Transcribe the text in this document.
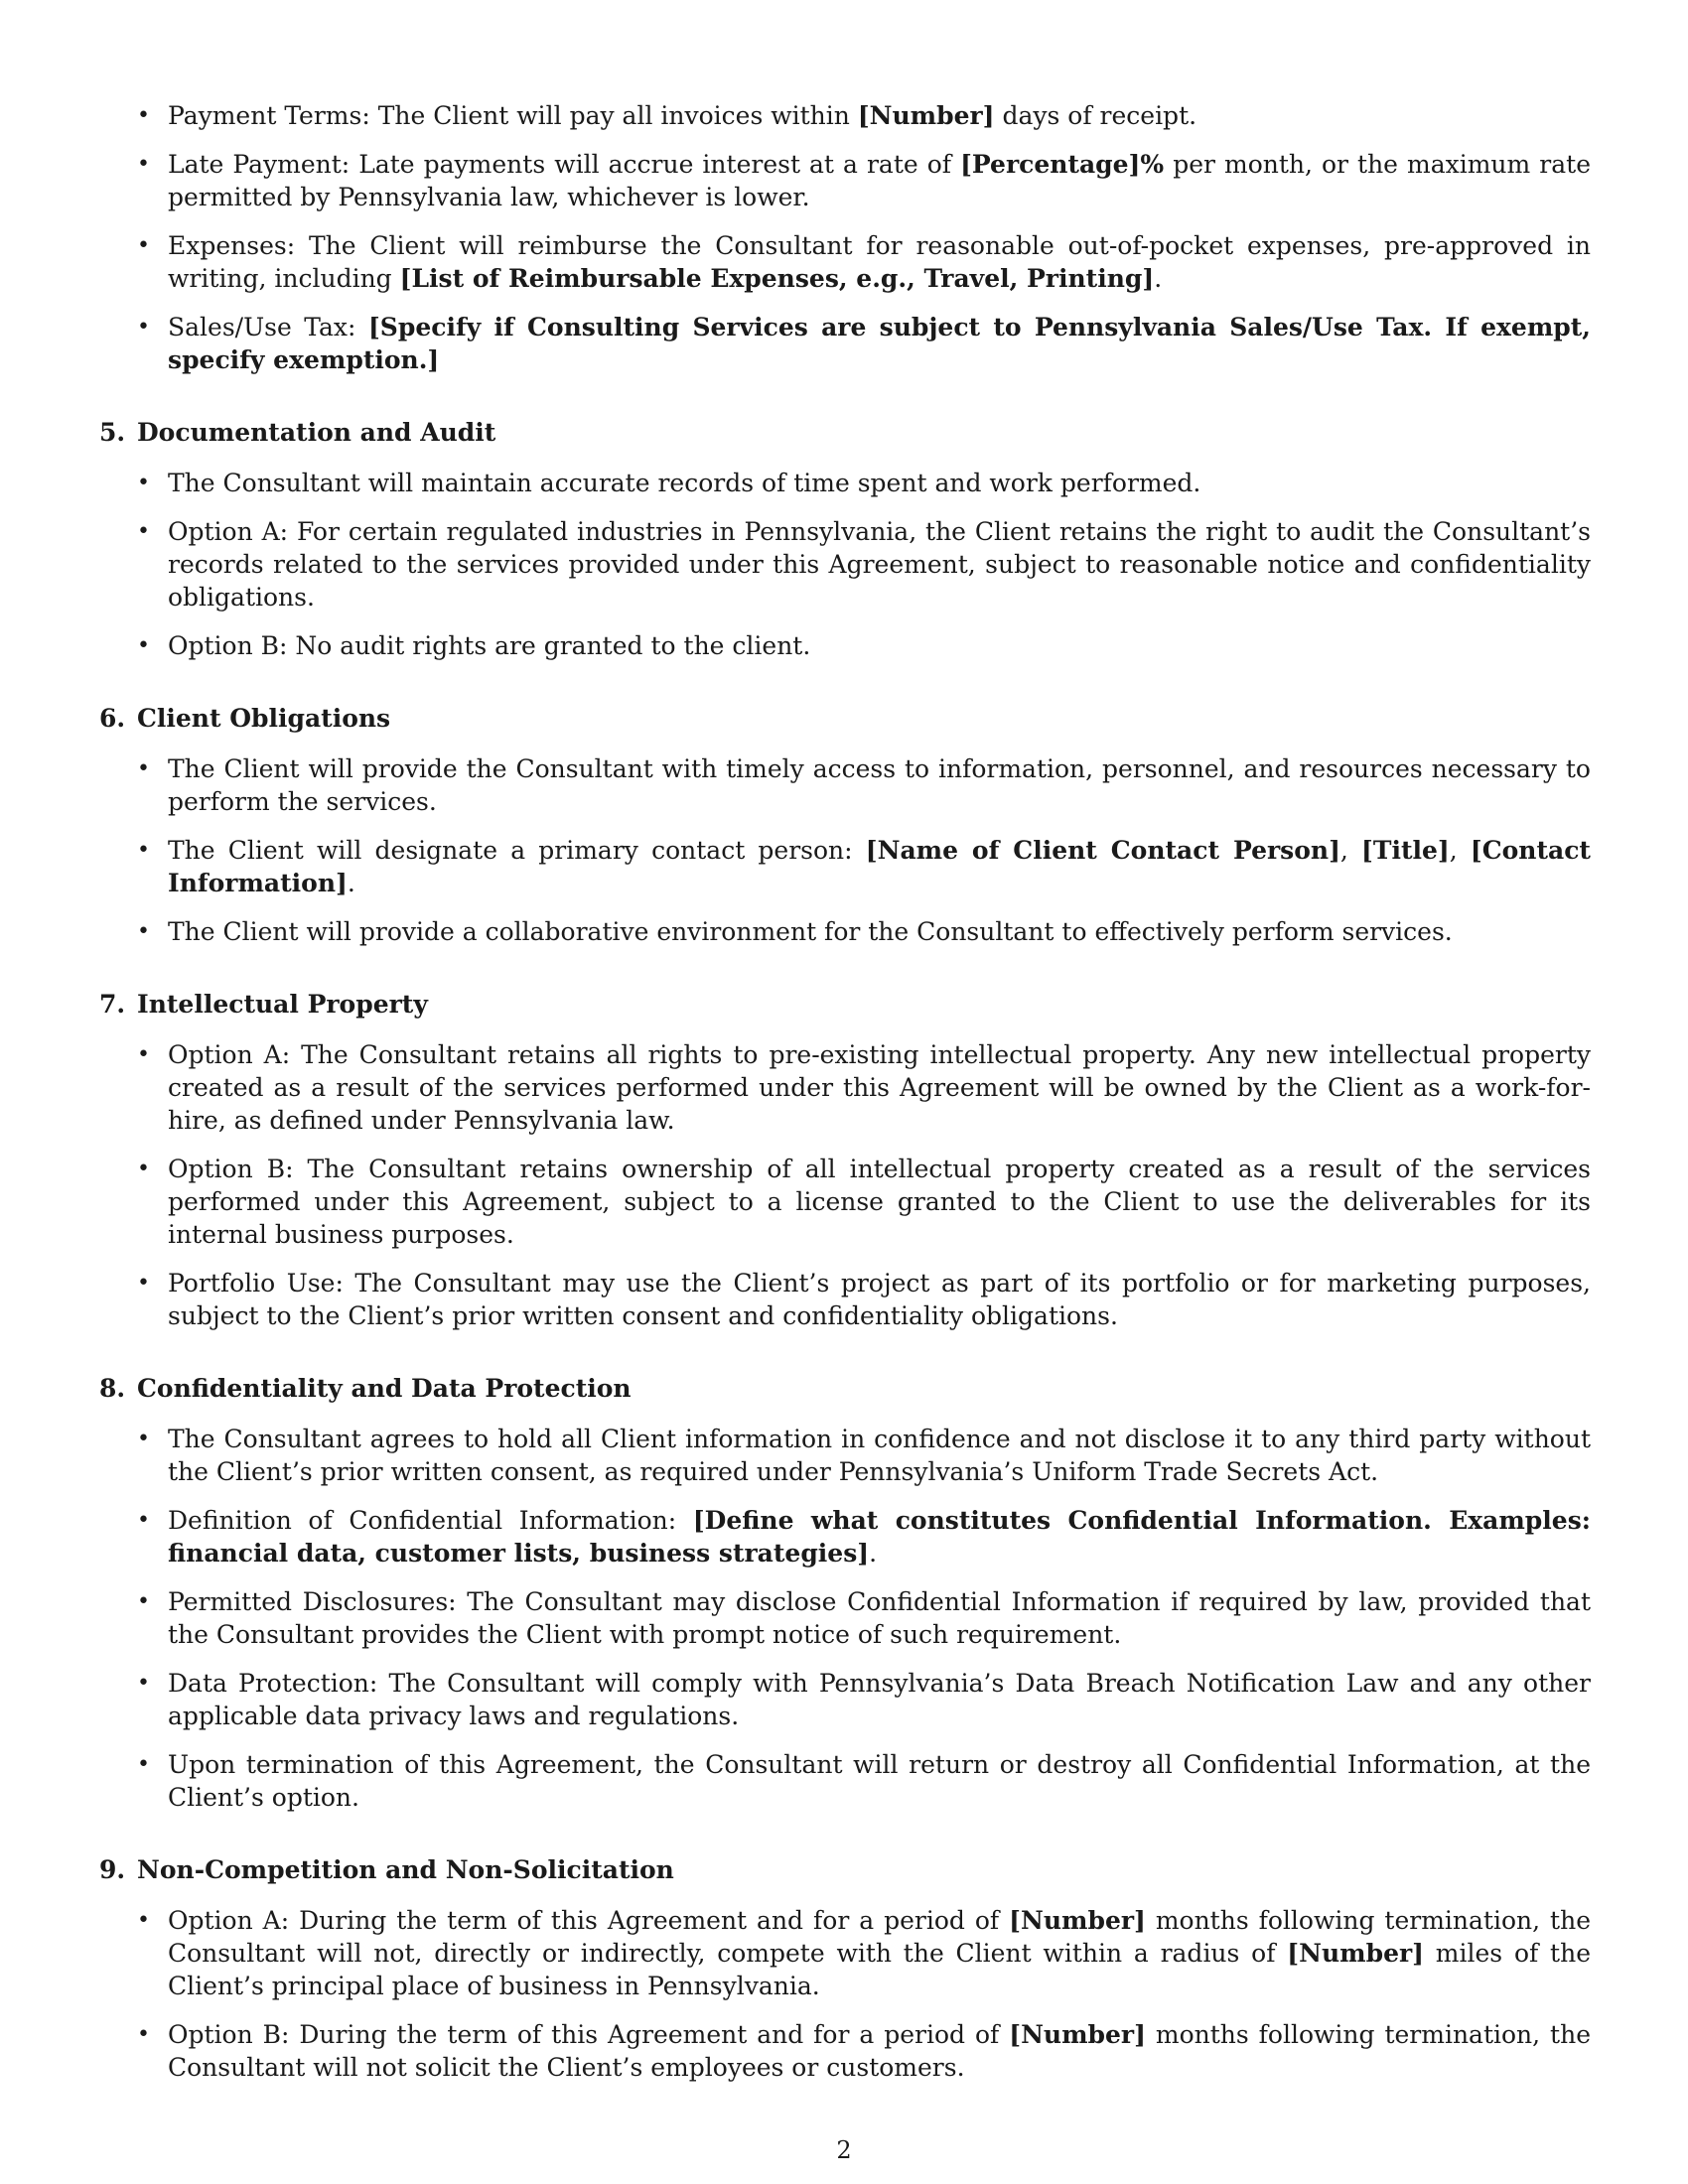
• Payment Terms: The Client will pay all invoices within [Number] days of receipt.
• Late Payment: Late payments will accrue interest at a rate of [Percentage]% per month, or the maximum rate permitted by Pennsylvania law, whichever is lower.
• Expenses: The Client will reimburse the Consultant for reasonable out-of-pocket expenses, pre-approved in writing, including [List of Reimbursable Expenses, e.g., Travel, Printing].
• Sales/Use Tax: [Specify if Consulting Services are subject to Pennsylvania Sales/Use Tax. If exempt, specify exemption.]
5. Documentation and Audit
• The Consultant will maintain accurate records of time spent and work performed.
• Option A: For certain regulated industries in Pennsylvania, the Client retains the right to audit the Consultant’s records related to the services provided under this Agreement, subject to reasonable notice and confidentiality obligations.
• Option B: No audit rights are granted to the client.
6. Client Obligations
• The Client will provide the Consultant with timely access to information, personnel, and resources necessary to perform the services.
• The Client will designate a primary contact person: [Name of Client Contact Person], [Title], [Contact Information].
• The Client will provide a collaborative environment for the Consultant to effectively perform services.
7. Intellectual Property
• Option A: The Consultant retains all rights to pre-existing intellectual property. Any new intellectual property created as a result of the services performed under this Agreement will be owned by the Client as a work-for-hire, as defined under Pennsylvania law.
• Option B: The Consultant retains ownership of all intellectual property created as a result of the services performed under this Agreement, subject to a license granted to the Client to use the deliverables for its internal business purposes.
• Portfolio Use: The Consultant may use the Client’s project as part of its portfolio or for marketing purposes, subject to the Client’s prior written consent and confidentiality obligations.
8. Confidentiality and Data Protection
• The Consultant agrees to hold all Client information in confidence and not disclose it to any third party without the Client’s prior written consent, as required under Pennsylvania’s Uniform Trade Secrets Act.
• Definition of Confidential Information: [Define what constitutes Confidential Information. Examples: financial data, customer lists, business strategies].
• Permitted Disclosures: The Consultant may disclose Confidential Information if required by law, provided that the Consultant provides the Client with prompt notice of such requirement.
• Data Protection: The Consultant will comply with Pennsylvania’s Data Breach Notification Law and any other applicable data privacy laws and regulations.
• Upon termination of this Agreement, the Consultant will return or destroy all Confidential Information, at the Client’s option.
9. Non-Competition and Non-Solicitation
• Option A: During the term of this Agreement and for a period of [Number] months following termination, the Consultant will not, directly or indirectly, compete with the Client within a radius of [Number] miles of the Client’s principal place of business in Pennsylvania.
• Option B: During the term of this Agreement and for a period of [Number] months following termination, the Consultant will not solicit the Client’s employees or customers.
2
